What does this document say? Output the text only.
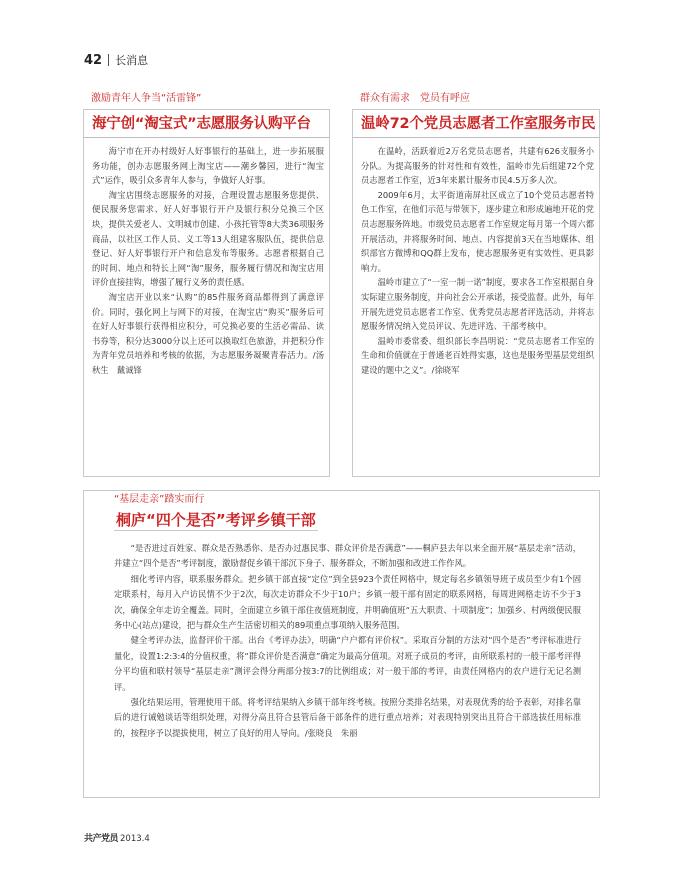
42 长消息
激励青年人争当“活雷锋”
海宁创“淘宝式”志愿服务认购平台

海宁市在开办村级好人好事银行的基础上，进一步拓展服务功能，创办志愿服务网上淘宝店——潮乡馨园，进行“淘宝式”运作，吸引众多青年人参与，争做好人好事。

淘宝店围绕志愿服务的对接，合理设置志愿服务您提供、便民服务您需求、好人好事银行开户及银行积分兑换三个区块，提供关爱老人、文明城市创建、小孩托管等8大类36项服务商品，以社区工作人员、义工等13人组建客服队伍，提供信息登记、好人好事银行开户和信息发布等服务。志愿者根据自己的时间、地点和特长上网“淘”服务，服务履行情况和淘宝店用评价直接挂钩，增强了履行义务的责任感。

淘宝店开业以来“认购”的85件服务商品都得到了满意评价。同时，强化网上与网下的对接，在淘宝店“购买”服务后可在好人好事银行获得相应积分，可兑换必要的生活必需品、读书券等，积分达3000分以上还可以换取红色旅游，并把积分作为青年党员培养和考核的依据，为志愿服务凝聚青春活力。/汤秋生　戴诚锋

群众有需求　党员有呼应
温岭72个党员志愿者工作室服务市民

在温岭，活跃着近2万名党员志愿者，共建有626支服务小分队。为提高服务的针对性和有效性，温岭市先后组建72个党员志愿者工作室，近3年来累计服务市民4.5万多人次。

2009年6月，太平街道南屏社区成立了10个党员志愿者特色工作室，在他们示范与带领下，逐步建立和形成遍地开花的党员志愿服务阵地。市级党员志愿者工作室规定每月第一个周六都开展活动，并将服务时间、地点、内容提前3天在当地媒体、组织部官方微博和QQ群上发布，使志愿服务更有实效性、更具影响力。

温岭市建立了“一室一制一诺”制度，要求各工作室根据自身实际建立服务制度，并向社会公开承诺，接受监督。此外，每年开展先进党员志愿者工作室、优秀党员志愿者评选活动，并将志愿服务情况纳入党员评议、先进评选、干部考核中。

温岭市委常委、组织部长李昌明说：“党员志愿者工作室的生命和价值就在于普通老百姓得实惠，这也是服务型基层党组织建设的题中之义”。/徐晓军

“基层走亲”踏实而行
桐庐“四个是否”考评乡镇干部

“是否进过百姓家、群众是否熟悉你、是否办过惠民事、群众评价是否满意”——桐庐县去年以来全面开展“基层走亲”活动，并建立“四个是否”考评制度，激励督促乡镇干部沉下身子、服务群众，不断加强和改进工作作风。

细化考评内容，联系服务群众。把乡镇干部直接“定位”到全县923个责任网格中，规定每名乡镇领导班子成员至少有1个固定联系村，每月入户访民情不少于2次，每次走访群众不少于10户；乡镇一般干部有固定的联系网格，每周进网格走访不少于3次，确保全年走访全覆盖。同时，全面建立乡镇干部住夜值班制度，并明确值班“五大职责、十项制度”；加强乡、村两级便民服务中心(站点)建设，把与群众生产生活密切相关的89项重点事项纳入服务范围。

健全考评办法，监督评价干部。出台《考评办法》，明确“户户都有评价权”。采取百分制的方法对“四个是否”考评标准进行量化，设置1:2:3:4的分值权重，将“群众评价是否满意”确定为最高分值项。对班子成员的考评，由所联系村的一般干部考评得分平均值和联村领导“基层走亲”测评会得分两部分按3:7的比例组成；对一般干部的考评，由责任网格内的农户进行无记名测评。

强化结果运用，管理使用干部。将考评结果纳入乡镇干部年终考核。按照分类排名结果，对表现优秀的给予表彰，对排名靠后的进行诫勉谈话等组织处理，对得分高且符合县管后备干部条件的进行重点培养；对表现特别突出且符合干部选拔任用标准的，按程序予以提拔使用，树立了良好的用人导向。/张晓良　朱丽

共产党员 2013.4
